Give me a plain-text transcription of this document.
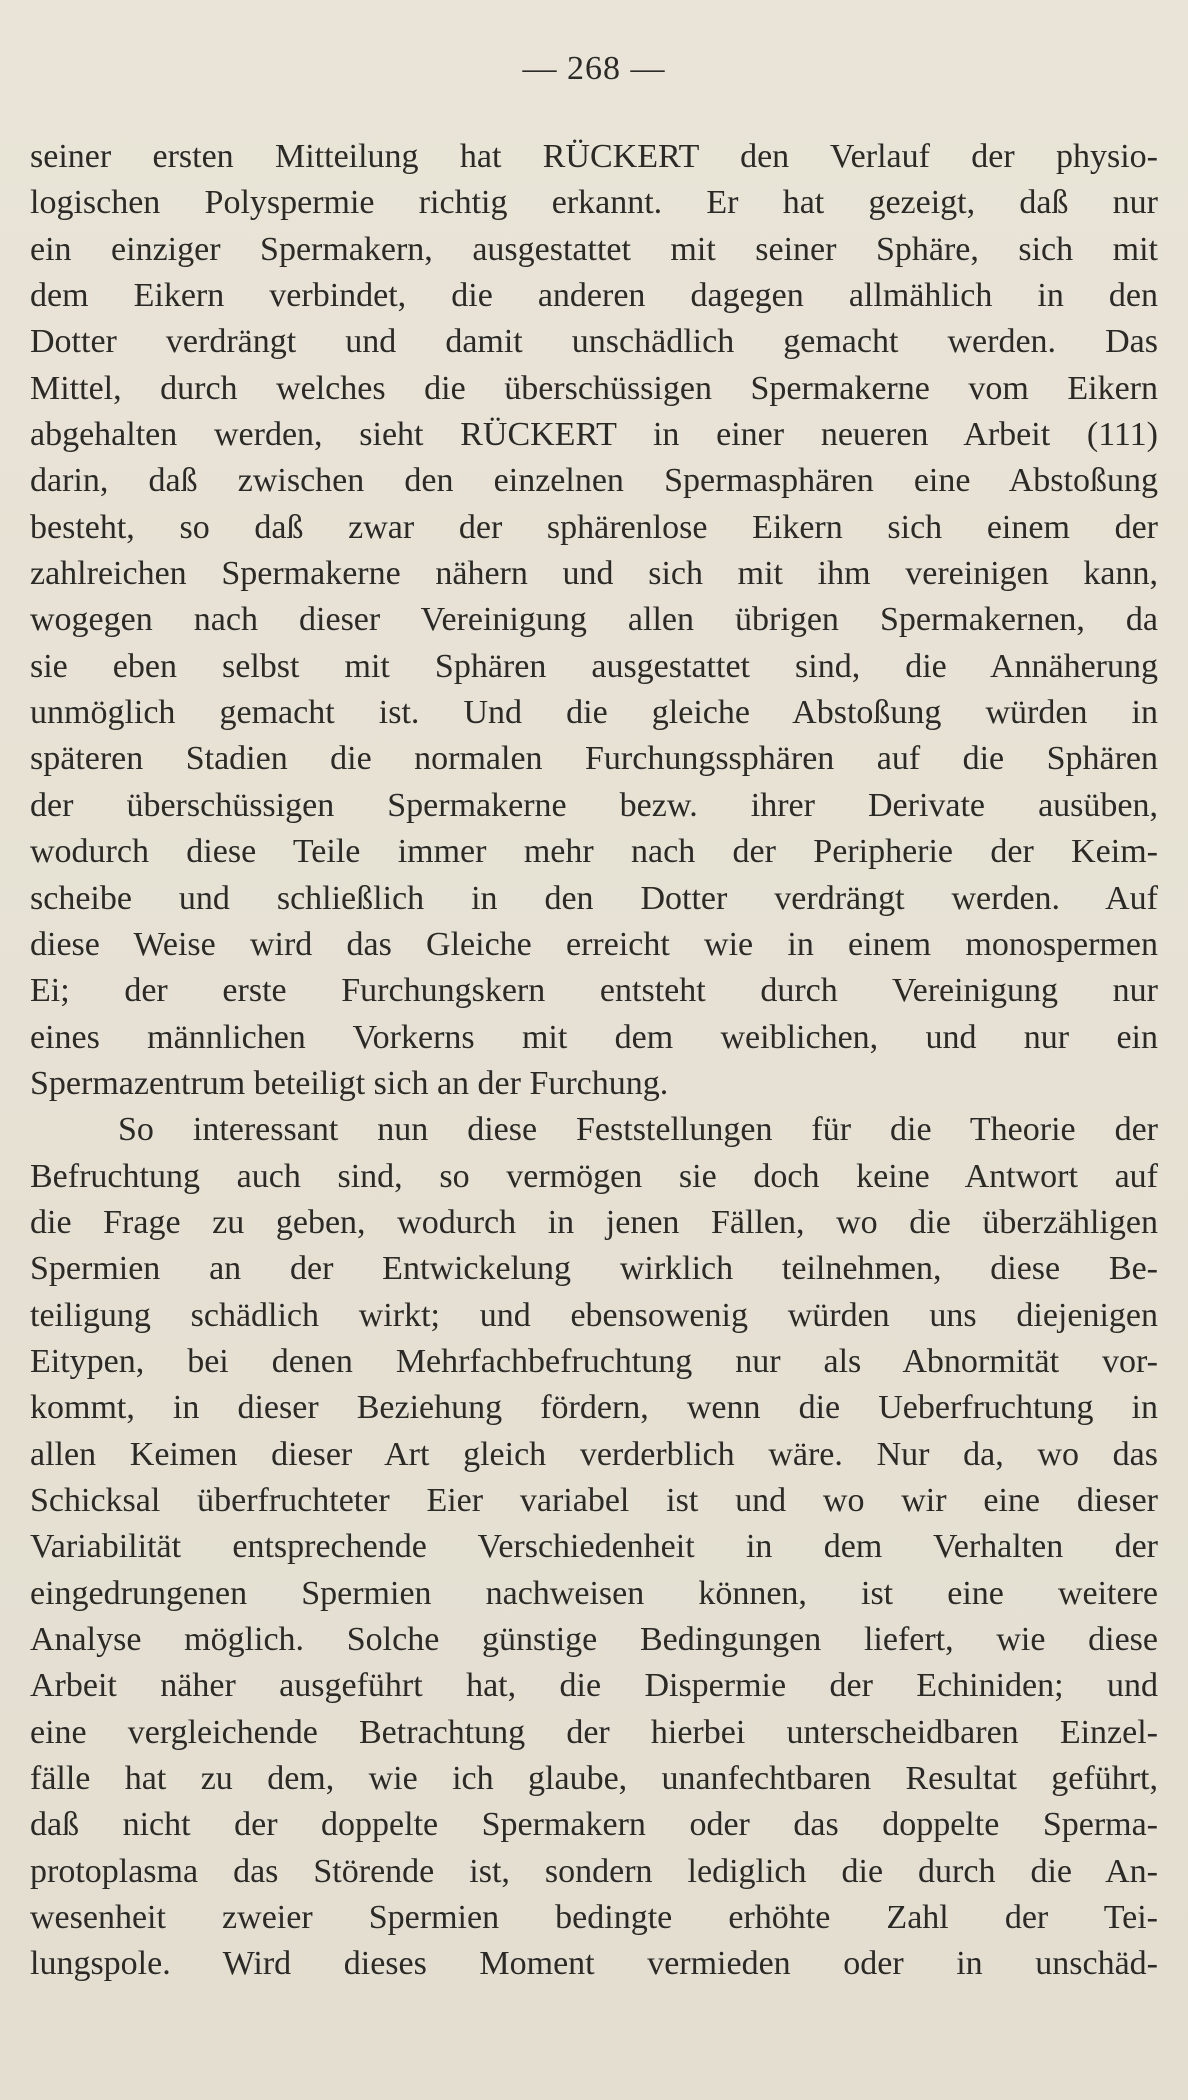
— 268 —
seiner ersten Mitteilung hat RÜCKERT den Verlauf der physio-
logischen Polyspermie richtig erkannt. Er hat gezeigt, daß nur
ein einziger Spermakern, ausgestattet mit seiner Sphäre, sich mit
dem Eikern verbindet, die anderen dagegen allmählich in den
Dotter verdrängt und damit unschädlich gemacht werden. Das
Mittel, durch welches die überschüssigen Spermakerne vom Eikern
abgehalten werden, sieht RÜCKERT in einer neueren Arbeit (111)
darin, daß zwischen den einzelnen Spermasphären eine Abstoßung
besteht, so daß zwar der sphärenlose Eikern sich einem der
zahlreichen Spermakerne nähern und sich mit ihm vereinigen kann,
wogegen nach dieser Vereinigung allen übrigen Spermakernen, da
sie eben selbst mit Sphären ausgestattet sind, die Annäherung
unmöglich gemacht ist. Und die gleiche Abstoßung würden in
späteren Stadien die normalen Furchungssphären auf die Sphären
der überschüssigen Spermakerne bezw. ihrer Derivate ausüben,
wodurch diese Teile immer mehr nach der Peripherie der Keim-
scheibe und schließlich in den Dotter verdrängt werden. Auf
diese Weise wird das Gleiche erreicht wie in einem monospermen
Ei; der erste Furchungskern entsteht durch Vereinigung nur
eines männlichen Vorkerns mit dem weiblichen, und nur ein
Spermazentrum beteiligt sich an der Furchung.
So interessant nun diese Feststellungen für die Theorie der
Befruchtung auch sind, so vermögen sie doch keine Antwort auf
die Frage zu geben, wodurch in jenen Fällen, wo die überzähligen
Spermien an der Entwickelung wirklich teilnehmen, diese Be-
teiligung schädlich wirkt; und ebensowenig würden uns diejenigen
Eitypen, bei denen Mehrfachbefruchtung nur als Abnormität vor-
kommt, in dieser Beziehung fördern, wenn die Ueberfruchtung in
allen Keimen dieser Art gleich verderblich wäre. Nur da, wo das
Schicksal überfruchteter Eier variabel ist und wo wir eine dieser
Variabilität entsprechende Verschiedenheit in dem Verhalten der
eingedrungenen Spermien nachweisen können, ist eine weitere
Analyse möglich. Solche günstige Bedingungen liefert, wie diese
Arbeit näher ausgeführt hat, die Dispermie der Echiniden; und
eine vergleichende Betrachtung der hierbei unterscheidbaren Einzel-
fälle hat zu dem, wie ich glaube, unanfechtbaren Resultat geführt,
daß nicht der doppelte Spermakern oder das doppelte Sperma-
protoplasma das Störende ist, sondern lediglich die durch die An-
wesenheit zweier Spermien bedingte erhöhte Zahl der Tei-
lungspole. Wird dieses Moment vermieden oder in unschäd-
